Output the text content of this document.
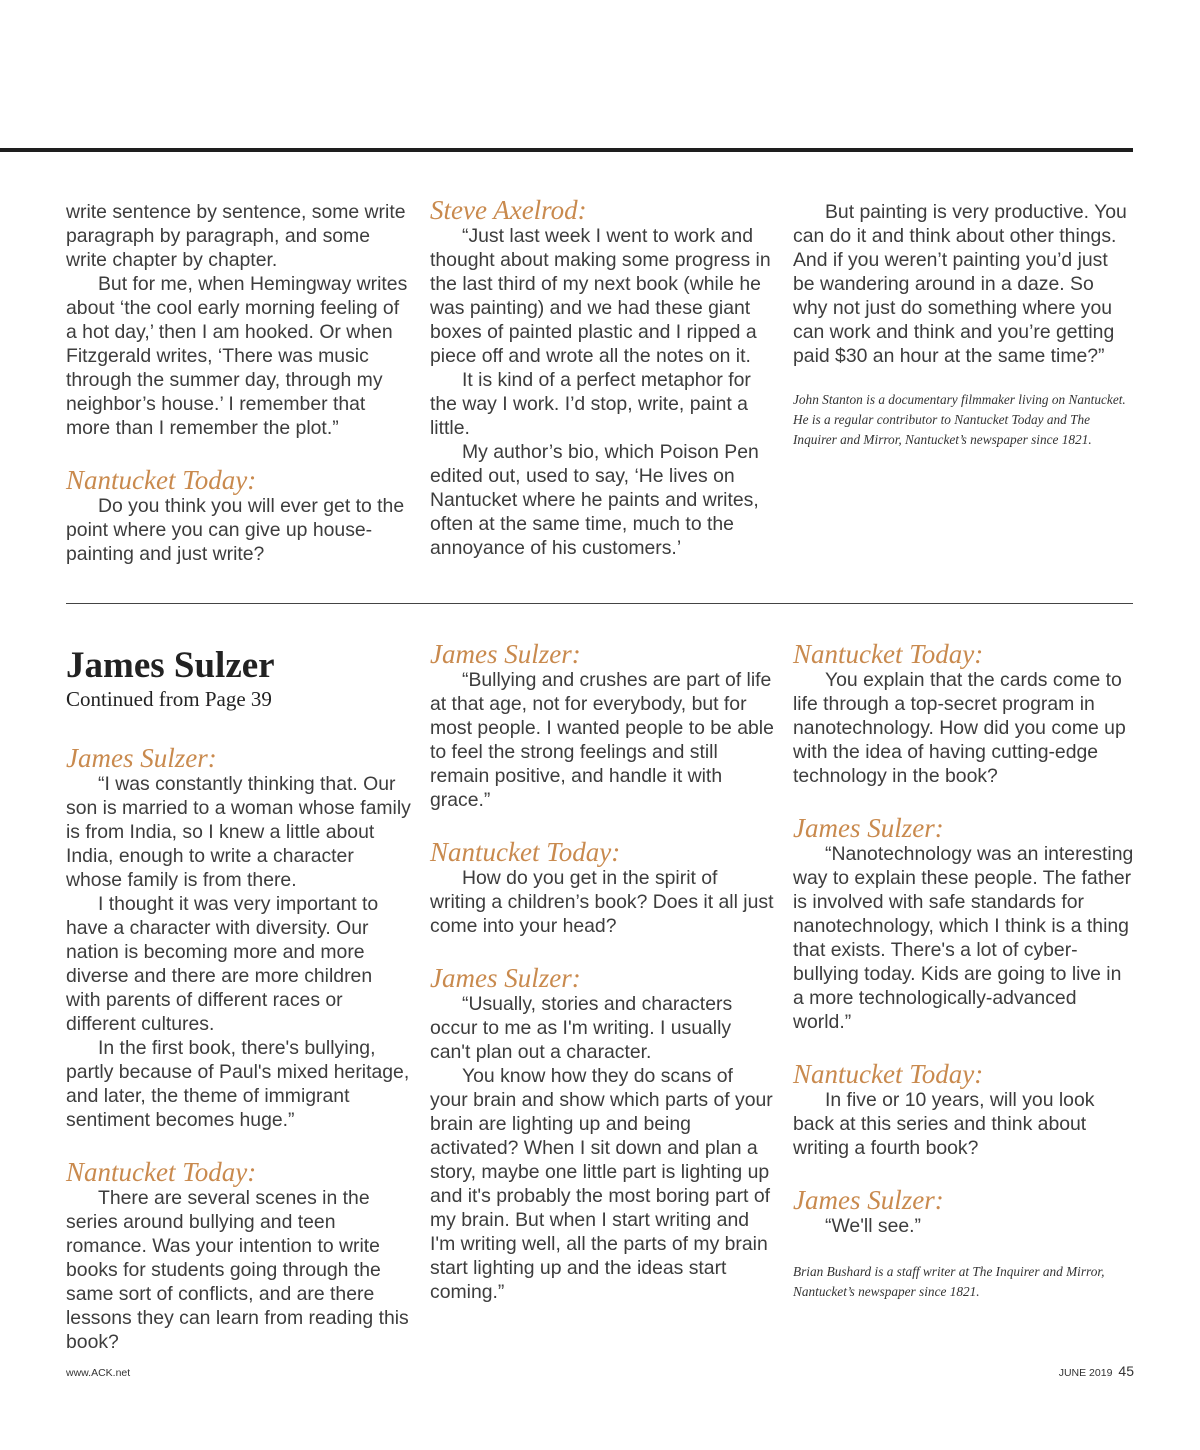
write sentence by sentence, some write paragraph by paragraph, and some write chapter by chapter.

But for me, when Hemingway writes about ‘the cool early morning feeling of a hot day,’ then I am hooked. Or when Fitzgerald writes, ‘There was music through the summer day, through my neighbor’s house.’ I remember that more than I remember the plot.”

Nantucket Today:

Do you think you will ever get to the point where you can give up house-painting and just write?

Steve Axelrod:

“Just last week I went to work and thought about making some progress in the last third of my next book (while he was painting) and we had these giant boxes of painted plastic and I ripped a piece off and wrote all the notes on it.

It is kind of a perfect metaphor for the way I work. I’d stop, write, paint a little.

My author’s bio, which Poison Pen edited out, used to say, ‘He lives on Nantucket where he paints and writes, often at the same time, much to the annoyance of his customers.’

But painting is very productive. You can do it and think about other things. And if you weren’t painting you’d just be wandering around in a daze. So why not just do something where you can work and think and you’re getting paid $30 an hour at the same time?”

John Stanton is a documentary filmmaker living on Nantucket. He is a regular contributor to Nantucket Today and The Inquirer and Mirror, Nantucket’s newspaper since 1821.

James Sulzer

Continued from Page 39

James Sulzer:

“I was constantly thinking that. Our son is married to a woman whose family is from India, so I knew a little about India, enough to write a character whose family is from there.

I thought it was very important to have a character with diversity. Our nation is becoming more and more diverse and there are more children with parents of different races or different cultures.

In the first book, there's bullying, partly because of Paul's mixed heritage, and later, the theme of immigrant sentiment becomes huge.”

Nantucket Today:

There are several scenes in the series around bullying and teen romance. Was your intention to write books for students going through the same sort of conflicts, and are there lessons they can learn from reading this book?

James Sulzer:

“Bullying and crushes are part of life at that age, not for everybody, but for most people. I wanted people to be able to feel the strong feelings and still remain positive, and handle it with grace.”

Nantucket Today:

How do you get in the spirit of writing a children’s book? Does it all just come into your head?

James Sulzer:

“Usually, stories and characters occur to me as I'm writing. I usually can't plan out a character.

You know how they do scans of your brain and show which parts of your brain are lighting up and being activated? When I sit down and plan a story, maybe one little part is lighting up and it's probably the most boring part of my brain. But when I start writing and I'm writing well, all the parts of my brain start lighting up and the ideas start coming.”

Nantucket Today:

You explain that the cards come to life through a top-secret program in nanotechnology. How did you come up with the idea of having cutting-edge technology in the book?

James Sulzer:

“Nanotechnology was an interesting way to explain these people. The father is involved with safe standards for nanotechnology, which I think is a thing that exists. There's a lot of cyber-bullying today. Kids are going to live in a more technologically-advanced world.”

Nantucket Today:

In five or 10 years, will you look back at this series and think about writing a fourth book?

James Sulzer:

“We'll see.”

Brian Bushard is a staff writer at The Inquirer and Mirror, Nantucket’s newspaper since 1821.

www.ACK.net	JUNE 2019 45
